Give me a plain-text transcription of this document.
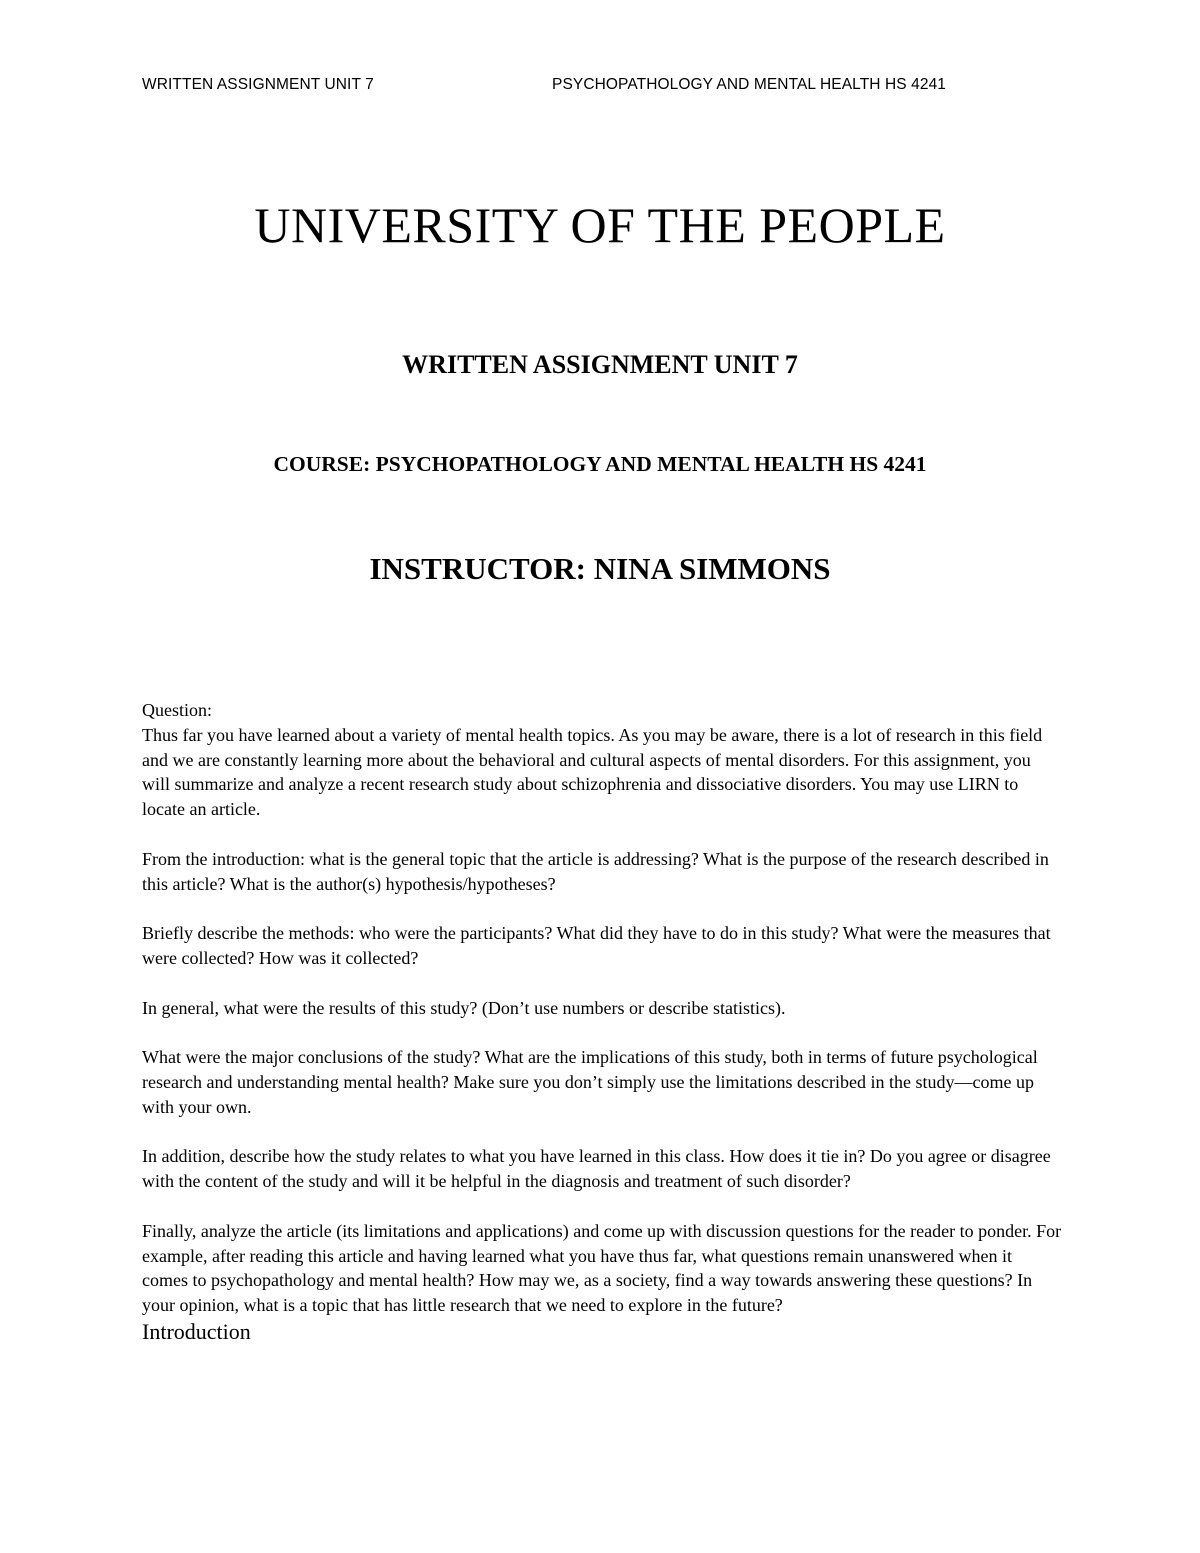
WRITTEN ASSIGNMENT UNIT 7	PSYCHOPATHOLOGY AND MENTAL HEALTH HS 4241
UNIVERSITY OF THE PEOPLE
WRITTEN ASSIGNMENT UNIT 7
COURSE: PSYCHOPATHOLOGY AND MENTAL HEALTH HS 4241
INSTRUCTOR: NINA SIMMONS

Question:

Thus far you have learned about a variety of mental health topics. As you may be aware, there is a lot of research in this field and we are constantly learning more about the behavioral and cultural aspects of mental disorders. For this assignment, you will summarize and analyze a recent research study about schizophrenia and dissociative disorders. You may use LIRN to locate an article.

From the introduction: what is the general topic that the article is addressing? What is the purpose of the research described in this article? What is the author(s) hypothesis/hypotheses?

Briefly describe the methods: who were the participants? What did they have to do in this study? What were the measures that were collected? How was it collected?

In general, what were the results of this study? (Don’t use numbers or describe statistics).

What were the major conclusions of the study? What are the implications of this study, both in terms of future psychological research and understanding mental health? Make sure you don’t simply use the limitations described in the study—come up with your own.

In addition, describe how the study relates to what you have learned in this class. How does it tie in? Do you agree or disagree with the content of the study and will it be helpful in the diagnosis and treatment of such disorder?

Finally, analyze the article (its limitations and applications) and come up with discussion questions for the reader to ponder. For example, after reading this article and having learned what you have thus far, what questions remain unanswered when it comes to psychopathology and mental health? How may we, as a society, find a way towards answering these questions? In your opinion, what is a topic that has little research that we need to explore in the future?

Introduction
